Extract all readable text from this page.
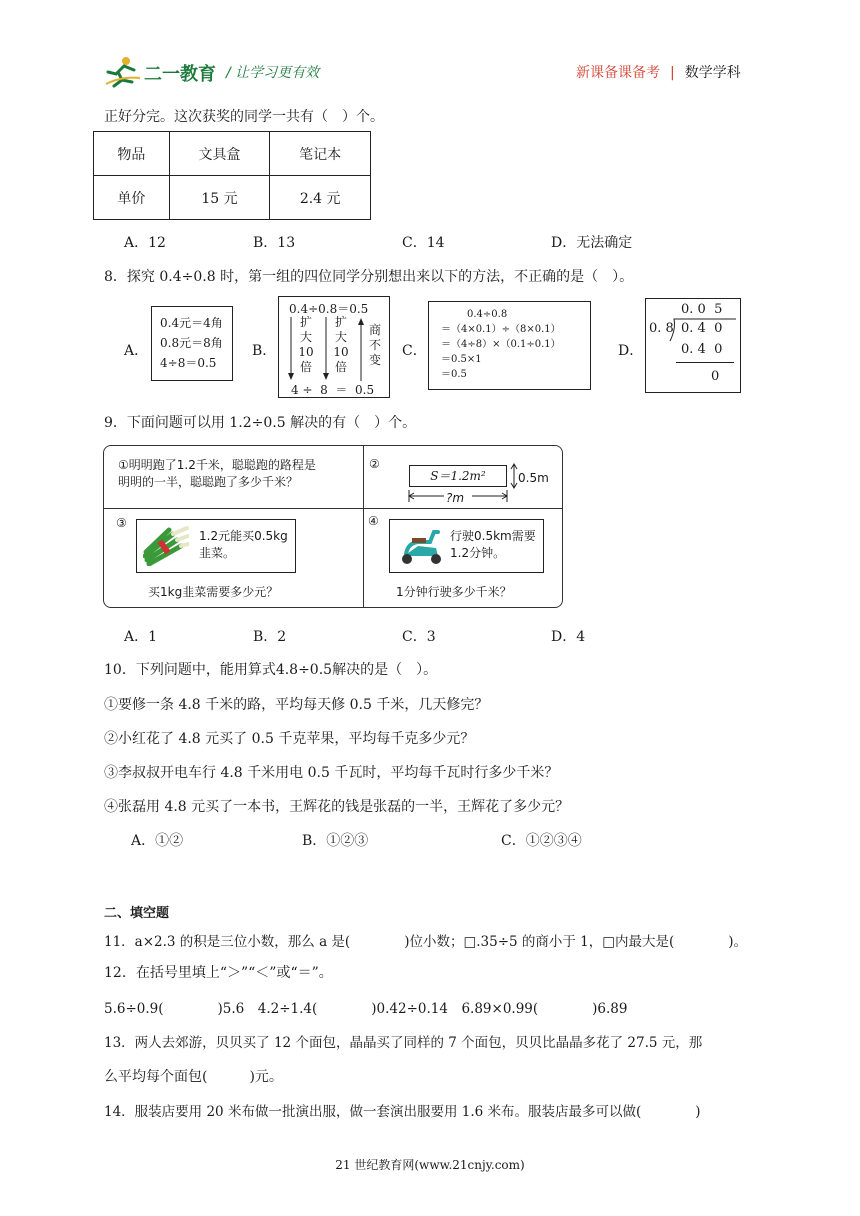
二一教育 / 让学习更有效	新课备课备考 | 数学学科
正好分完。这次获奖的同学一共有（　）个。
物品	文具盒	笔记本
单价	15 元	2.4 元
A．12	B．13	C．14	D．无法确定
8．探究 0.4÷0.8 时，第一组的四位同学分别想出来以下的方法，不正确的是（　）。
A．
0.4元＝4角
0.8元＝8角
4÷8＝0.5
B．
0.4÷0.8＝0.5
扩
大
10
倍
扩
大
10
倍
商
不
变
4 ÷  8  ＝  0.5
C．
0.4÷0.8
＝（4×0.1）÷（8×0.1）
＝（4÷8）×（0.1÷0.1）
＝0.5×1
＝0.5
D．
0. 0  5
0. 8 0. 4  0
0. 4  0
0
9．下面问题可以用 1.2÷0.5 解决的有（　）个。
①明明跑了1.2千米，聪聪跑的路程是
明明的一半，聪聪跑了多少千米？
②
S＝1.2m²	0.5m
?m
③
1.2元能买0.5kg
韭菜。
买1kg韭菜需要多少元？
④
行驶0.5km需要
1.2分钟。
1分钟行驶多少千米？
A．1	B．2	C．3	D．4
10．下列问题中，能用算式4.8÷0.5解决的是（　）。
①要修一条 4.8 千米的路，平均每天修 0.5 千米，几天修完？
②小红花了 4.8 元买了 0.5 千克苹果，平均每千克多少元？
③李叔叔开电车行 4.8 千米用电 0.5 千瓦时，平均每千瓦时行多少千米？
④张磊用 4.8 元买了一本书，王辉花的钱是张磊的一半，王辉花了多少元？
A．①②	B．①②③	C．①②③④
二、填空题
11．a×2.3 的积是三位小数，那么 a 是(　　　　)位小数；□.35÷5 的商小于 1，□内最大是(　　　　)。
12．在括号里填上“＞”“＜”或“＝”。
5.6÷0.9(　　　　)5.6　4.2÷1.4(　　　　)0.42÷0.14　6.89×0.99(　　　　)6.89
13．两人去郊游，贝贝买了 12 个面包，晶晶买了同样的 7 个面包，贝贝比晶晶多花了 27.5 元，那
么平均每个面包(　　　)元。
14．服装店要用 20 米布做一批演出服，做一套演出服要用 1.6 米布。服装店最多可以做(　　　　)
21 世纪教育网(www.21cnjy.com)
